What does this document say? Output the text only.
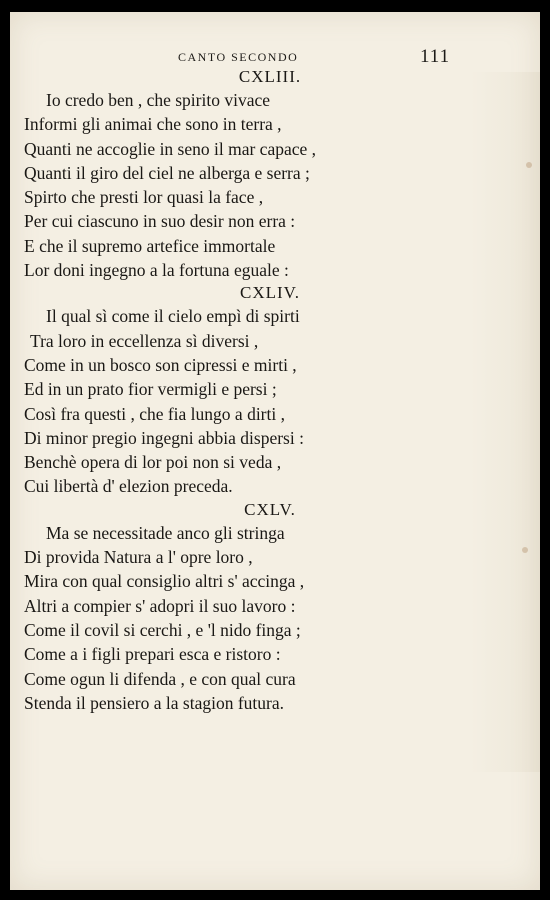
CANTO SECONDO	111
CXLIII.
Io credo ben , che spirito vivace
Informi gli animai che sono in terra ,
Quanti ne accoglie in seno il mar capace ,
Quanti il giro del ciel ne alberga e serra ;
Spirto che presti lor quasi la face ,
Per cui ciascuno in suo desir non erra :
E che il supremo artefice immortale
Lor doni ingegno a la fortuna eguale :
CXLIV.
Il qual sì come il cielo empì di spirti
Tra loro in eccellenza sì diversi ,
Come in un bosco son cipressi e mirti ,
Ed in un prato fior vermigli e persi ;
Così fra questi , che fia lungo a dirti ,
Di minor pregio ingegni abbia dispersi :
Benchè opera di lor poi non si veda ,
Cui libertà d' elezion preceda.
CXLV.
Ma se necessitade anco gli stringa
Di provida Natura a l' opre loro ,
Mira con qual consiglio altri s' accinga ,
Altri a compier s' adopri il suo lavoro :
Come il covil si cerchi , e 'l nido finga ;
Come a i figli prepari esca e ristoro :
Come ogun li difenda , e con qual cura
Stenda il pensiero a la stagion futura.
